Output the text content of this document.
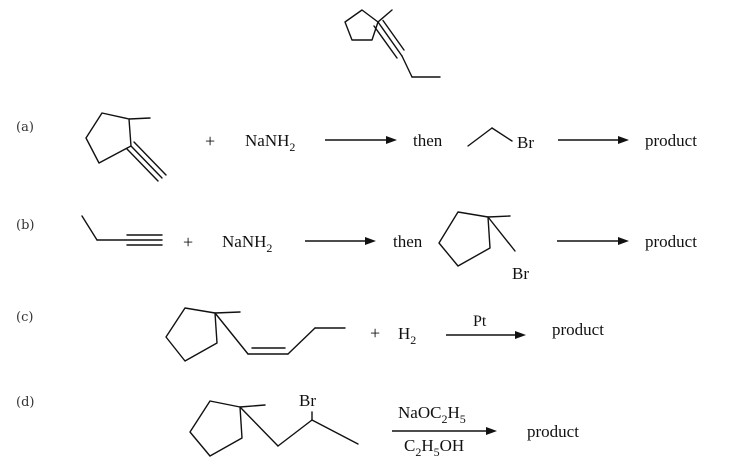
(a)
+ NaNH$_2$	then	Br	product
(b)
+ NaNH$_2$	then
Br
product
(c)
+ $H_2$
Pt	product
(d)	Br
$NaOC_2H_5$
$C_2H_5OH$
product
